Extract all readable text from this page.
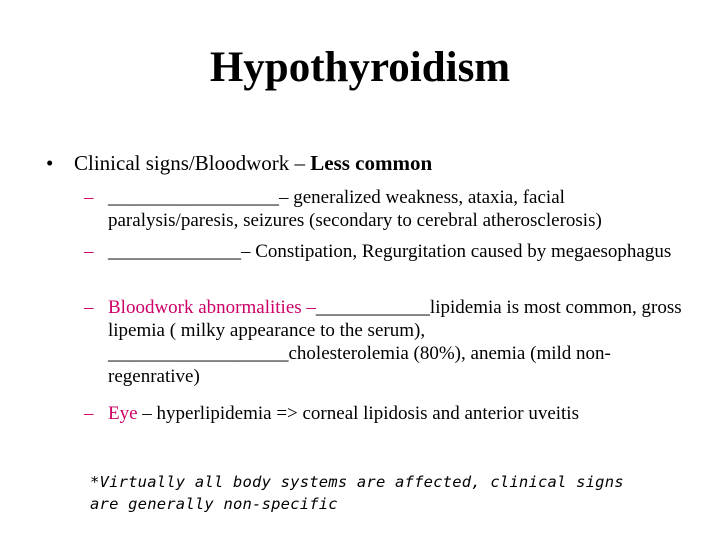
Hypothyroidism
• Clinical signs/Bloodwork – Less common
– __________________– generalized weakness, ataxia, facial paralysis/paresis, seizures (secondary to cerebral atherosclerosis)
– ______________– Constipation, Regurgitation caused by megaesophagus
– Bloodwork abnormalities –____________lipidemia is most common, gross lipemia ( milky appearance to the serum), ___________________cholesterolemia (80%), anemia (mild non-regenrative)
– Eye – hyperlipidemia => corneal lipidosis and anterior uveitis
*Virtually all body systems are affected, clinical signs are generally non-specific
